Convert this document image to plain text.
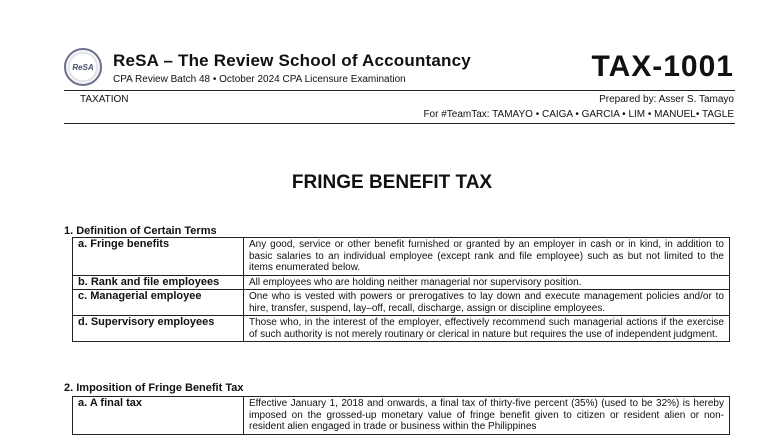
ReSA ReSA – The Review School of Accountancy
CPA Review Batch 48 • October 2024 CPA Licensure Examination	TAX-1001
TAXATION	Prepared by: Asser S. Tamayo
For #TeamTax: TAMAYO • CAIGA • GARCIA • LIM • MANUEL• TAGLE
FRINGE BENEFIT TAX
1. Definition of Certain Terms
a. Fringe benefits	Any good, service or other benefit furnished or granted by an employer in cash or in kind, in addition to basic salaries to an individual employee (except rank and file employee) such as but not limited to the items enumerated below.
b. Rank and file employees	All employees who are holding neither managerial nor supervisory position.
c. Managerial employee	One who is vested with powers or prerogatives to lay down and execute management policies and/or to hire, transfer, suspend, lay–off, recall, discharge, assign or discipline employees.
d. Supervisory employees	Those who, in the interest of the employer, effectively recommend such managerial actions if the exercise of such authority is not merely routinary or clerical in nature but requires the use of independent judgment.
2. Imposition of Fringe Benefit Tax
a. A final tax	Effective January 1, 2018 and onwards, a final tax of thirty-five percent (35%) (used to be 32%) is hereby imposed on the grossed-up monetary value of fringe benefit given to citizen or resident alien or non- resident alien engaged in trade or business within the Philippines
